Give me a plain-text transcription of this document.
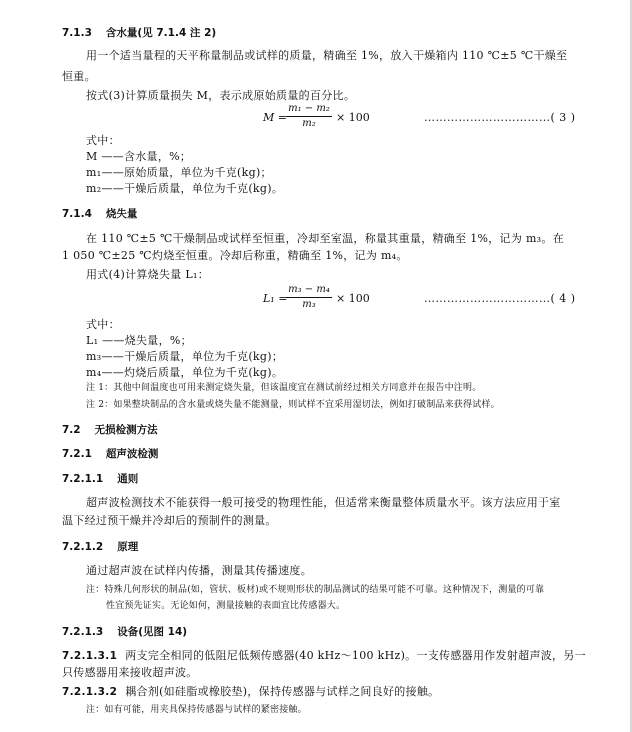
7.1.3 含水量(见 7.1.4 注 2)
用一个适当量程的天平称量制品或试样的质量，精确至 1%，放入干燥箱内 110 ℃±5 ℃干燥至
恒重。
按式(3)计算质量损失 M，表示成原始质量的百分比。
M =
m₁ − m₂
m₂	× 100	……………………………( 3 )
式中：
M ——含水量，%；
m₁——原始质量，单位为千克(kg)；
m₂——干燥后质量，单位为千克(kg)。
7.1.4 烧失量
在 110 ℃±5 ℃干燥制品或试样至恒重，冷却至室温，称量其重量，精确至 1%，记为 m₃。在
1 050 ℃±25 ℃灼烧至恒重。冷却后称重，精确至 1%，记为 m₄。
用式(4)计算烧失量 L₁：
L₁ =
m₃ − m₄
m₃	× 100	……………………………( 4 )
式中：
L₁ ——烧失量，%；
m₃——干燥后质量，单位为千克(kg)；
m₄——灼烧后质量，单位为千克(kg)。
注 1：其他中间温度也可用来测定烧失量，但该温度宜在测试前经过相关方同意并在报告中注明。
注 2：如果整块制品的含水量或烧失量不能测量，则试样不宜采用湿切法，例如打破制品来获得试样。
7.2 无损检测方法
7.2.1 超声波检测
7.2.1.1 通则
超声波检测技术不能获得一般可接受的物理性能，但适常来衡量整体质量水平。该方法应用于室
温下经过预干燥并冷却后的预制件的测量。
7.2.1.2 原理
通过超声波在试样内传播，测量其传播速度。
注：特殊几何形状的制品(如，管状、板材)或不规则形状的制品测试的结果可能不可靠。这种情况下，测量的可靠
性宜预先证实。无论如何，测量接触的表面宜比传感器大。
7.2.1.3 设备(见图 14)
7.2.1.3.1 两支完全相同的低阻尼低频传感器(40 kHz～100 kHz)。一支传感器用作发射超声波，另一
只传感器用来接收超声波。
7.2.1.3.2 耦合剂(如硅脂或橡胶垫)，保持传感器与试样之间良好的接触。
注：如有可能，用夹具保持传感器与试样的紧密接触。
